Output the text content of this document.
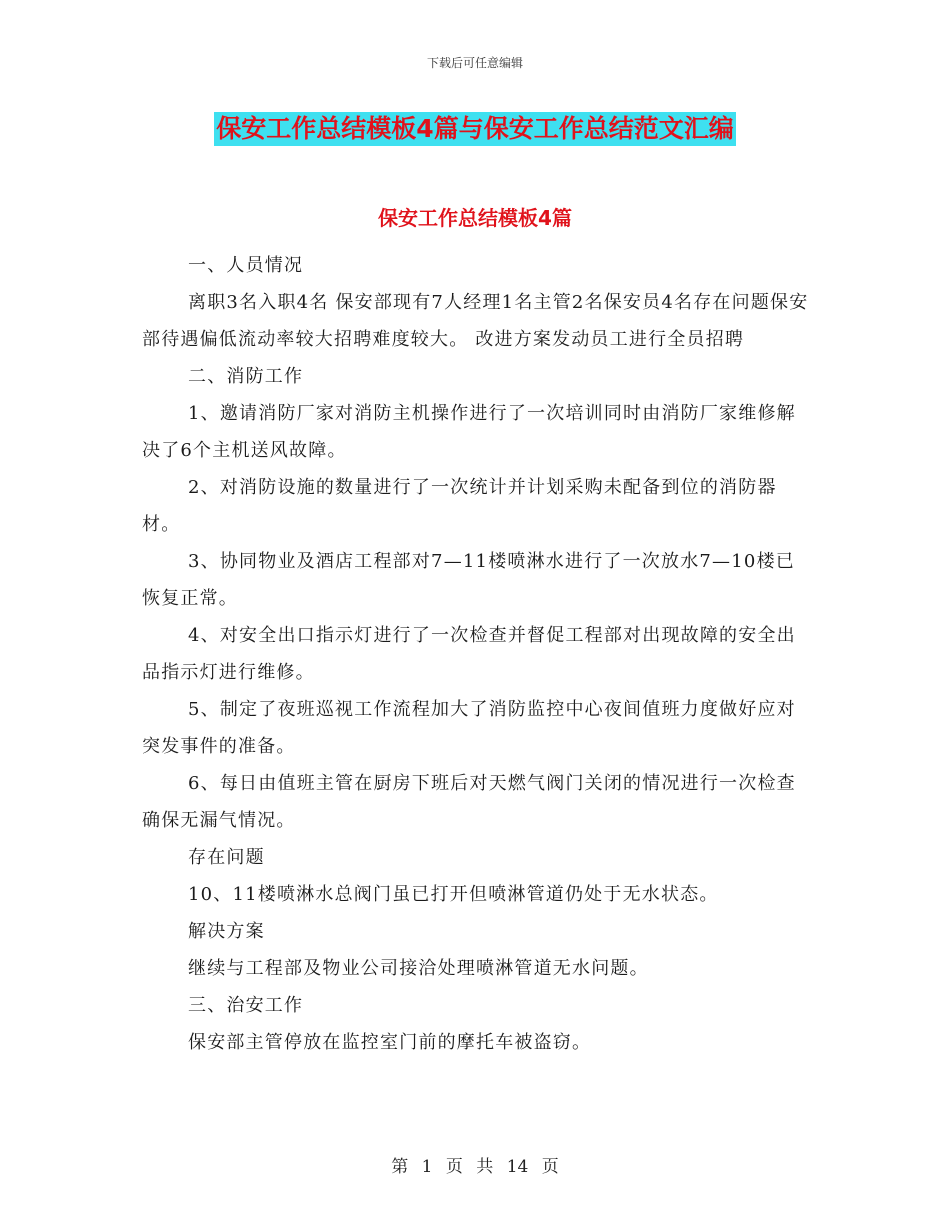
下载后可任意编辑
保安工作总结模板4篇与保安工作总结范文汇编
保安工作总结模板4篇

一、人员情况

离职3名入职4名 保安部现有7人经理1名主管2名保安员4名存在问题保安部待遇偏低流动率较大招聘难度较大。 改进方案发动员工进行全员招聘

二、消防工作

1、邀请消防厂家对消防主机操作进行了一次培训同时由消防厂家维修解决了6个主机送风故障。

2、对消防设施的数量进行了一次统计并计划采购未配备到位的消防器材。

3、协同物业及酒店工程部对7—11楼喷淋水进行了一次放水7—10楼已恢复正常。

4、对安全出口指示灯进行了一次检查并督促工程部对出现故障的安全出品指示灯进行维修。

5、制定了夜班巡视工作流程加大了消防监控中心夜间值班力度做好应对突发事件的准备。

6、每日由值班主管在厨房下班后对天燃气阀门关闭的情况进行一次检查确保无漏气情况。

存在问题

10、11楼喷淋水总阀门虽已打开但喷淋管道仍处于无水状态。

解决方案

继续与工程部及物业公司接洽处理喷淋管道无水问题。

三、治安工作

保安部主管停放在监控室门前的摩托车被盗窃。

第 1 页 共 14 页
